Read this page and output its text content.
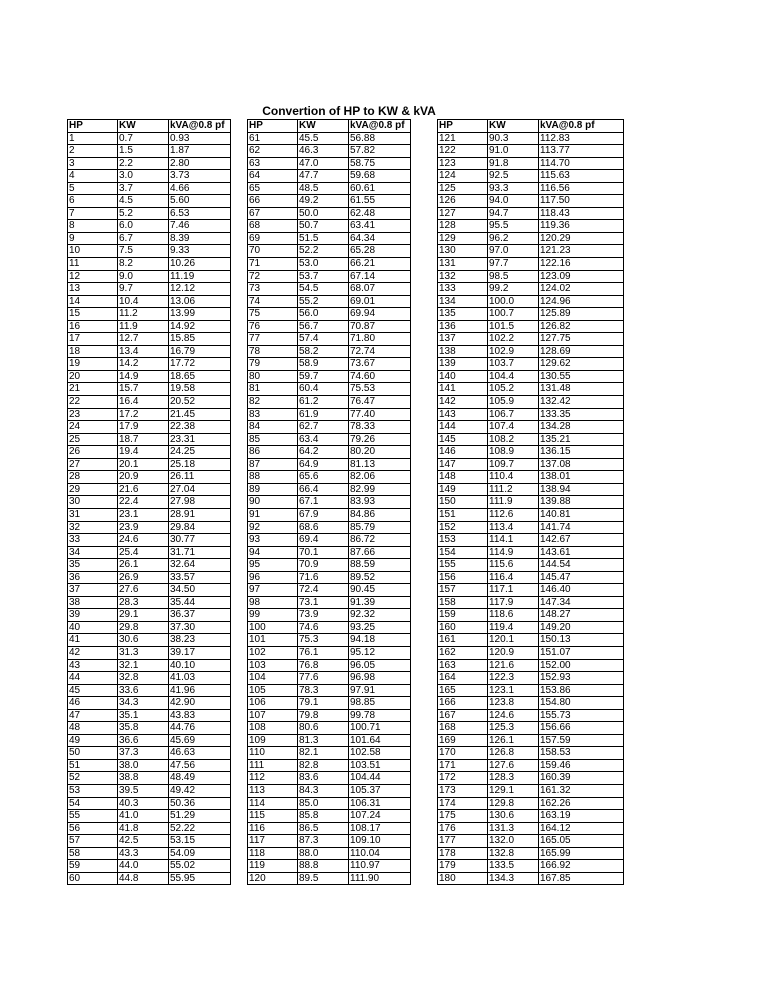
Convertion of HP to KW & kVA
HP	KW	kVA@0.8 pf
1	0.7	0.93
2	1.5	1.87
3	2.2	2.80
4	3.0	3.73
5	3.7	4.66
6	4.5	5.60
7	5.2	6.53
8	6.0	7.46
9	6.7	8.39
10	7.5	9.33
11	8.2	10.26
12	9.0	11.19
13	9.7	12.12
14	10.4	13.06
15	11.2	13.99
16	11.9	14.92
17	12.7	15.85
18	13.4	16.79
19	14.2	17.72
20	14.9	18.65
21	15.7	19.58
22	16.4	20.52
23	17.2	21.45
24	17.9	22.38
25	18.7	23.31
26	19.4	24.25
27	20.1	25.18
28	20.9	26.11
29	21.6	27.04
30	22.4	27.98
31	23.1	28.91
32	23.9	29.84
33	24.6	30.77
34	25.4	31.71
35	26.1	32.64
36	26.9	33.57
37	27.6	34.50
38	28.3	35.44
39	29.1	36.37
40	29.8	37.30
41	30.6	38.23
42	31.3	39.17
43	32.1	40.10
44	32.8	41.03
45	33.6	41.96
46	34.3	42.90
47	35.1	43.83
48	35.8	44.76
49	36.6	45.69
50	37.3	46.63
51	38.0	47.56
52	38.8	48.49
53	39.5	49.42
54	40.3	50.36
55	41.0	51.29
56	41.8	52.22
57	42.5	53.15
58	43.3	54.09
59	44.0	55.02
60	44.8	55.95
HP	KW	kVA@0.8 pf
61	45.5	56.88
62	46.3	57.82
63	47.0	58.75
64	47.7	59.68
65	48.5	60.61
66	49.2	61.55
67	50.0	62.48
68	50.7	63.41
69	51.5	64.34
70	52.2	65.28
71	53.0	66.21
72	53.7	67.14
73	54.5	68.07
74	55.2	69.01
75	56.0	69.94
76	56.7	70.87
77	57.4	71.80
78	58.2	72.74
79	58.9	73.67
80	59.7	74.60
81	60.4	75.53
82	61.2	76.47
83	61.9	77.40
84	62.7	78.33
85	63.4	79.26
86	64.2	80.20
87	64.9	81.13
88	65.6	82.06
89	66.4	82.99
90	67.1	83.93
91	67.9	84.86
92	68.6	85.79
93	69.4	86.72
94	70.1	87.66
95	70.9	88.59
96	71.6	89.52
97	72.4	90.45
98	73.1	91.39
99	73.9	92.32
100	74.6	93.25
101	75.3	94.18
102	76.1	95.12
103	76.8	96.05
104	77.6	96.98
105	78.3	97.91
106	79.1	98.85
107	79.8	99.78
108	80.6	100.71
109	81.3	101.64
110	82.1	102.58
111	82.8	103.51
112	83.6	104.44
113	84.3	105.37
114	85.0	106.31
115	85.8	107.24
116	86.5	108.17
117	87.3	109.10
118	88.0	110.04
119	88.8	110.97
120	89.5	111.90
HP	KW	kVA@0.8 pf
121	90.3	112.83
122	91.0	113.77
123	91.8	114.70
124	92.5	115.63
125	93.3	116.56
126	94.0	117.50
127	94.7	118.43
128	95.5	119.36
129	96.2	120.29
130	97.0	121.23
131	97.7	122.16
132	98.5	123.09
133	99.2	124.02
134	100.0	124.96
135	100.7	125.89
136	101.5	126.82
137	102.2	127.75
138	102.9	128.69
139	103.7	129.62
140	104.4	130.55
141	105.2	131.48
142	105.9	132.42
143	106.7	133.35
144	107.4	134.28
145	108.2	135.21
146	108.9	136.15
147	109.7	137.08
148	110.4	138.01
149	111.2	138.94
150	111.9	139.88
151	112.6	140.81
152	113.4	141.74
153	114.1	142.67
154	114.9	143.61
155	115.6	144.54
156	116.4	145.47
157	117.1	146.40
158	117.9	147.34
159	118.6	148.27
160	119.4	149.20
161	120.1	150.13
162	120.9	151.07
163	121.6	152.00
164	122.3	152.93
165	123.1	153.86
166	123.8	154.80
167	124.6	155.73
168	125.3	156.66
169	126.1	157.59
170	126.8	158.53
171	127.6	159.46
172	128.3	160.39
173	129.1	161.32
174	129.8	162.26
175	130.6	163.19
176	131.3	164.12
177	132.0	165.05
178	132.8	165.99
179	133.5	166.92
180	134.3	167.85
